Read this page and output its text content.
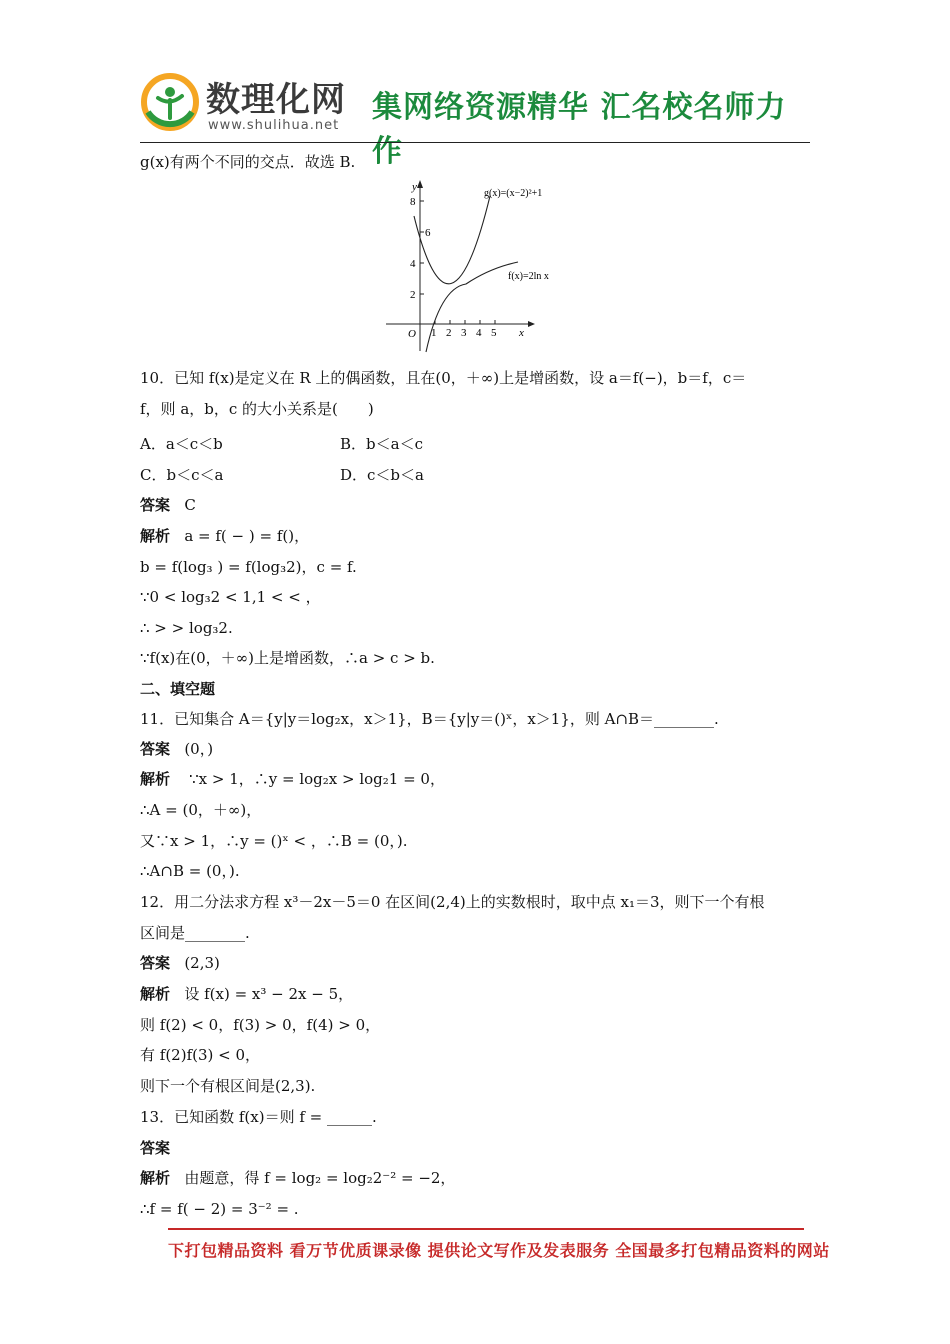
数理化网
www.shulihua.net
集网络资源精华 汇名校名师力作
g(x)有两个不同的交点．故选 B.
y
x
O
8
6
4
2
1 2 3 4 5
g(x)=(x−2)²+1
f(x)=2ln x
10．已知 f(x)是定义在 R 上的偶函数，且在(0，＋∞)上是增函数，设 a＝f(−)，b＝f，c＝
f，则 a，b，c 的大小关系是(　　)
A．a＜c＜b	B．b＜a＜c
C．b＜c＜a	D．c＜b＜a
答案 C
解析 a = f( − ) = f()，
b = f(log₃ ) = f(log₃2)，c = f.
∵0 < log₃2 < 1,1 < < ，
∴ > > log₃2.
∵f(x)在(0，＋∞)上是增函数，∴a > c > b.
二、填空题
11．已知集合 A＝{y|y＝log₂x，x＞1}，B＝{y|y＝()ˣ，x＞1}，则 A∩B＝________.
答案 (0，)
解析 ∵x > 1，∴y = log₂x > log₂1 = 0，
∴A = (0，＋∞)，
又∵x > 1，∴y = ()ˣ < ，∴B = (0，).
∴A∩B = (0，).
12．用二分法求方程 x³－2x－5＝0 在区间(2,4)上的实数根时，取中点 x₁＝3，则下一个有根
区间是________.
答案 (2,3)
解析 设 f(x) = x³ − 2x − 5，
则 f(2) < 0，f(3) > 0，f(4) > 0，
有 f(2)f(3) < 0，
则下一个有根区间是(2,3).
13．已知函数 f(x)＝则 f = ______.
答案
解析 由题意，得 f = log₂ = log₂2⁻² = −2，
∴f = f( − 2) = 3⁻² = .
下打包精品资料 看万节优质课录像 提供论文写作及发表服务 全国最多打包精品资料的网站
